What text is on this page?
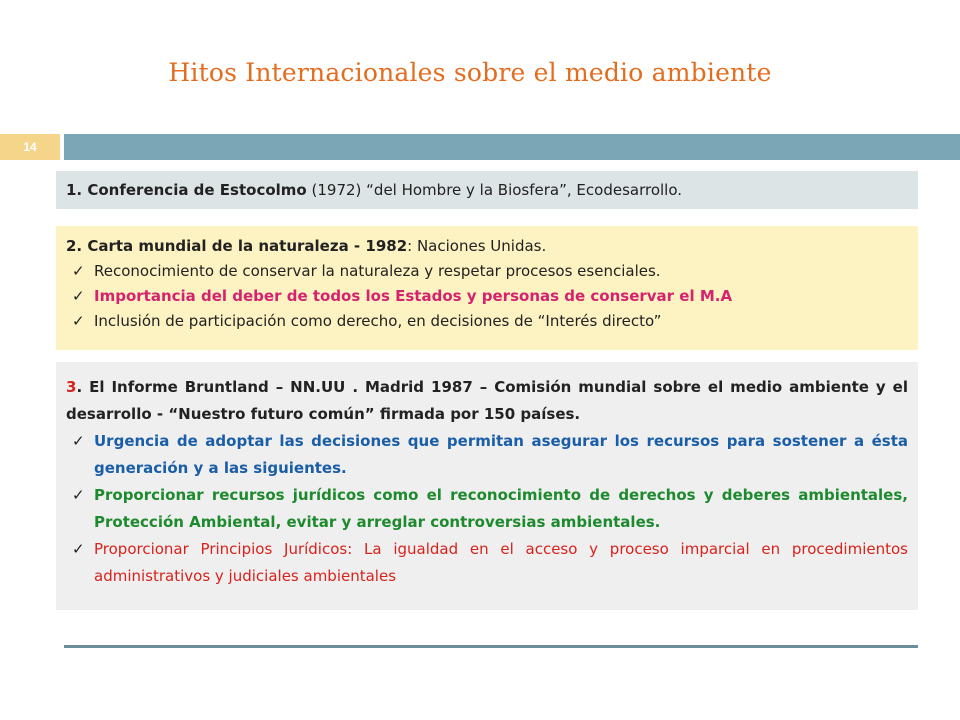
Hitos Internacionales sobre el medio ambiente
14
1. Conferencia de Estocolmo (1972) “del Hombre y la Biosfera”, Ecodesarrollo.
2. Carta mundial de la naturaleza - 1982: Naciones Unidas.
✓ Reconocimiento de conservar la naturaleza y respetar procesos esenciales.
✓ Importancia del deber de todos los Estados y personas de conservar el M.A
✓ Inclusión de participación como derecho, en decisiones de “Interés directo”
3. El Informe Bruntland – NN.UU . Madrid 1987 – Comisión mundial sobre el medio ambiente y el desarrollo - “Nuestro futuro común” firmada por 150 países.
✓ Urgencia de adoptar las decisiones que permitan asegurar los recursos para sostener a ésta generación y a las siguientes.
✓ Proporcionar recursos jurídicos como el reconocimiento de derechos y deberes ambientales, Protección Ambiental, evitar y arreglar controversias ambientales.
✓ Proporcionar Principios Jurídicos: La igualdad en el acceso y proceso imparcial en procedimientos administrativos y judiciales ambientales
